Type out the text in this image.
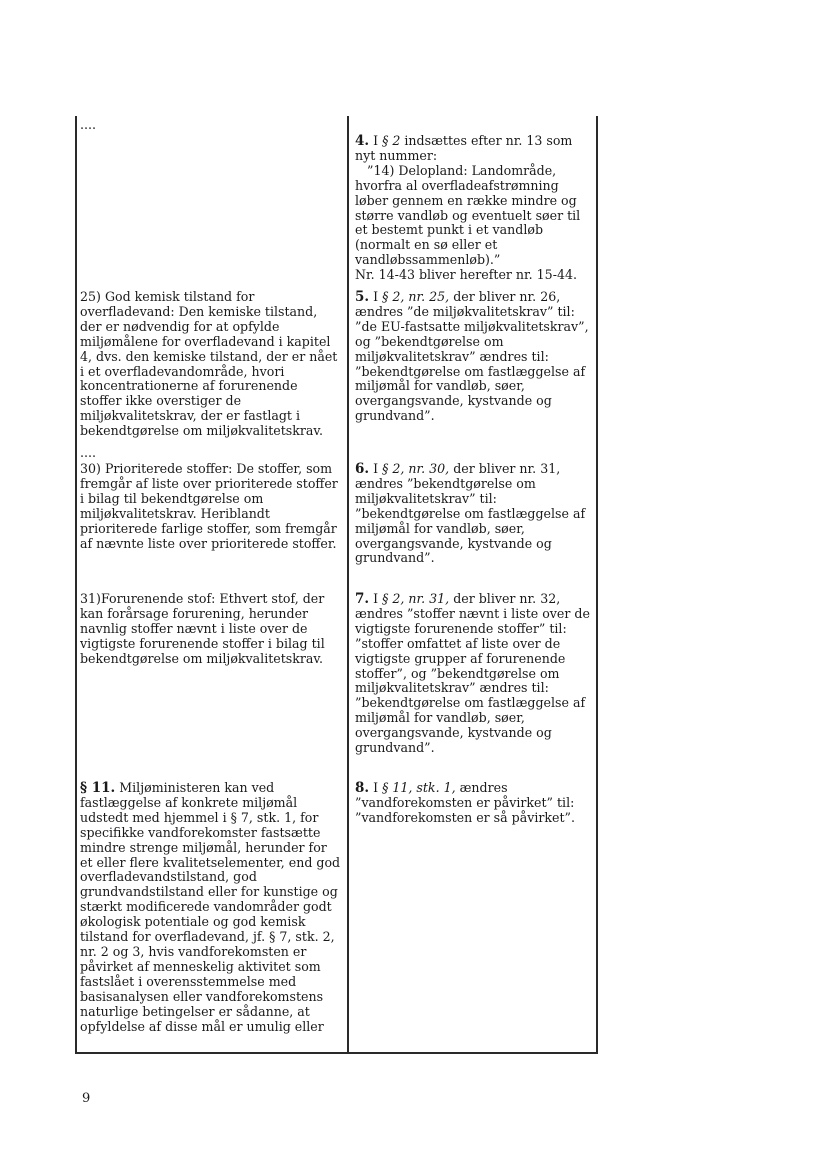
....
25) God kemisk tilstand for overfladevand: Den kemiske tilstand, der er nødvendig for at opfylde miljømålene for overfladevand i kapitel 4, dvs. den kemiske tilstand, der er nået i et overfladevandområde, hvori koncentrationerne af forurenende stoffer ikke overstiger de miljøkvalitetskrav, der er fastlagt i bekendtgørelse om miljøkvalitetskrav.
....
30) Prioriterede stoffer: De stoffer, som fremgår af liste over prioriterede stoffer i bilag til bekendtgørelse om miljøkvalitetskrav. Heriblandt prioriterede farlige stoffer, som fremgår af nævnte liste over prioriterede stoffer.
31)Forurenende stof: Ethvert stof, der kan forårsage forurening, herunder navnlig stoffer nævnt i liste over de vigtigste forurenende stoffer i bilag til bekendtgørelse om miljøkvalitetskrav.
§ 11. Miljøministeren kan ved fastlæggelse af konkrete miljømål udstedt med hjemmel i § 7, stk. 1, for specifikke vandforekomster fastsætte mindre strenge miljømål, herunder for et eller flere kvalitetselementer, end god overfladevandstilstand, god grundvandstilstand eller for kunstige og stærkt modificerede vandområder godt økologisk potentiale og god kemisk tilstand for overfladevand, jf. § 7, stk. 2, nr. 2 og 3, hvis vandforekomsten er påvirket af menneskelig aktivitet som fastslået i overensstemmelse med basisanalysen eller vandforekomstens naturlige betingelser er sådanne, at opfyldelse af disse mål er umulig eller
4. I § 2 indsættes efter nr. 13 som nyt nummer:
”14) Delopland: Landområde, hvorfra al overfladeafstrømning løber gennem en række mindre og større vandløb og eventuelt søer til et bestemt punkt i et vandløb (normalt en sø eller et vandløbssammenløb).”
Nr. 14-43 bliver herefter nr. 15-44.
5. I § 2, nr. 25, der bliver nr. 26, ændres ”de miljøkvalitetskrav” til: ”de EU-fastsatte miljøkvalitetskrav”, og ”bekendtgørelse om miljøkvalitetskrav” ændres til: ”bekendtgørelse om fastlæggelse af miljømål for vandløb, søer, overgangsvande, kystvande og grundvand”.
6. I § 2, nr. 30, der bliver nr. 31, ændres ”bekendtgørelse om miljøkvalitetskrav” til: ”bekendtgørelse om fastlæggelse af miljømål for vandløb, søer, overgangsvande, kystvande og grundvand”.
7. I § 2, nr. 31, der bliver nr. 32, ændres ”stoffer nævnt i liste over de vigtigste forurenende stoffer” til: ”stoffer omfattet af liste over de vigtigste grupper af forurenende stoffer”, og ”bekendtgørelse om miljøkvalitetskrav” ændres til: ”bekendtgørelse om fastlæggelse af miljømål for vandløb, søer, overgangsvande, kystvande og grundvand”.
8. I § 11, stk. 1, ændres ”vandforekomsten er påvirket” til: ”vandforekomsten er så påvirket”.
9
